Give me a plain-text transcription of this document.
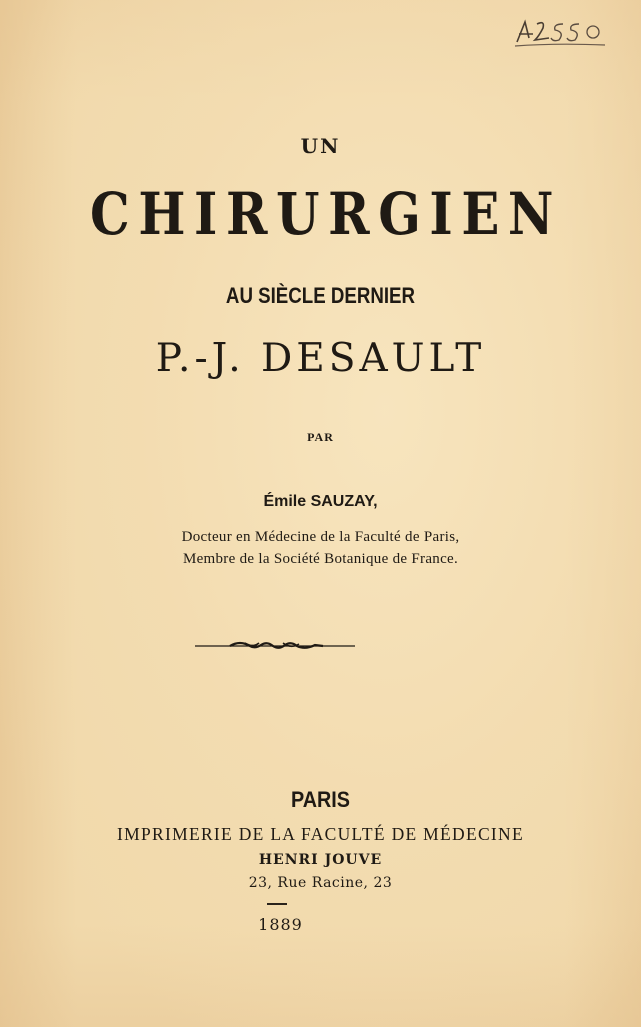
UN
CHIRURGIEN
AU SIÈCLE DERNIER
P.-J. DESAULT
PAR
Émile SAUZAY,
Docteur en Médecine de la Faculté de Paris,
Membre de la Société Botanique de France.
PARIS
IMPRIMERIE DE LA FACULTÉ DE MÉDECINE
HENRI JOUVE
23, Rue Racine, 23
1889
